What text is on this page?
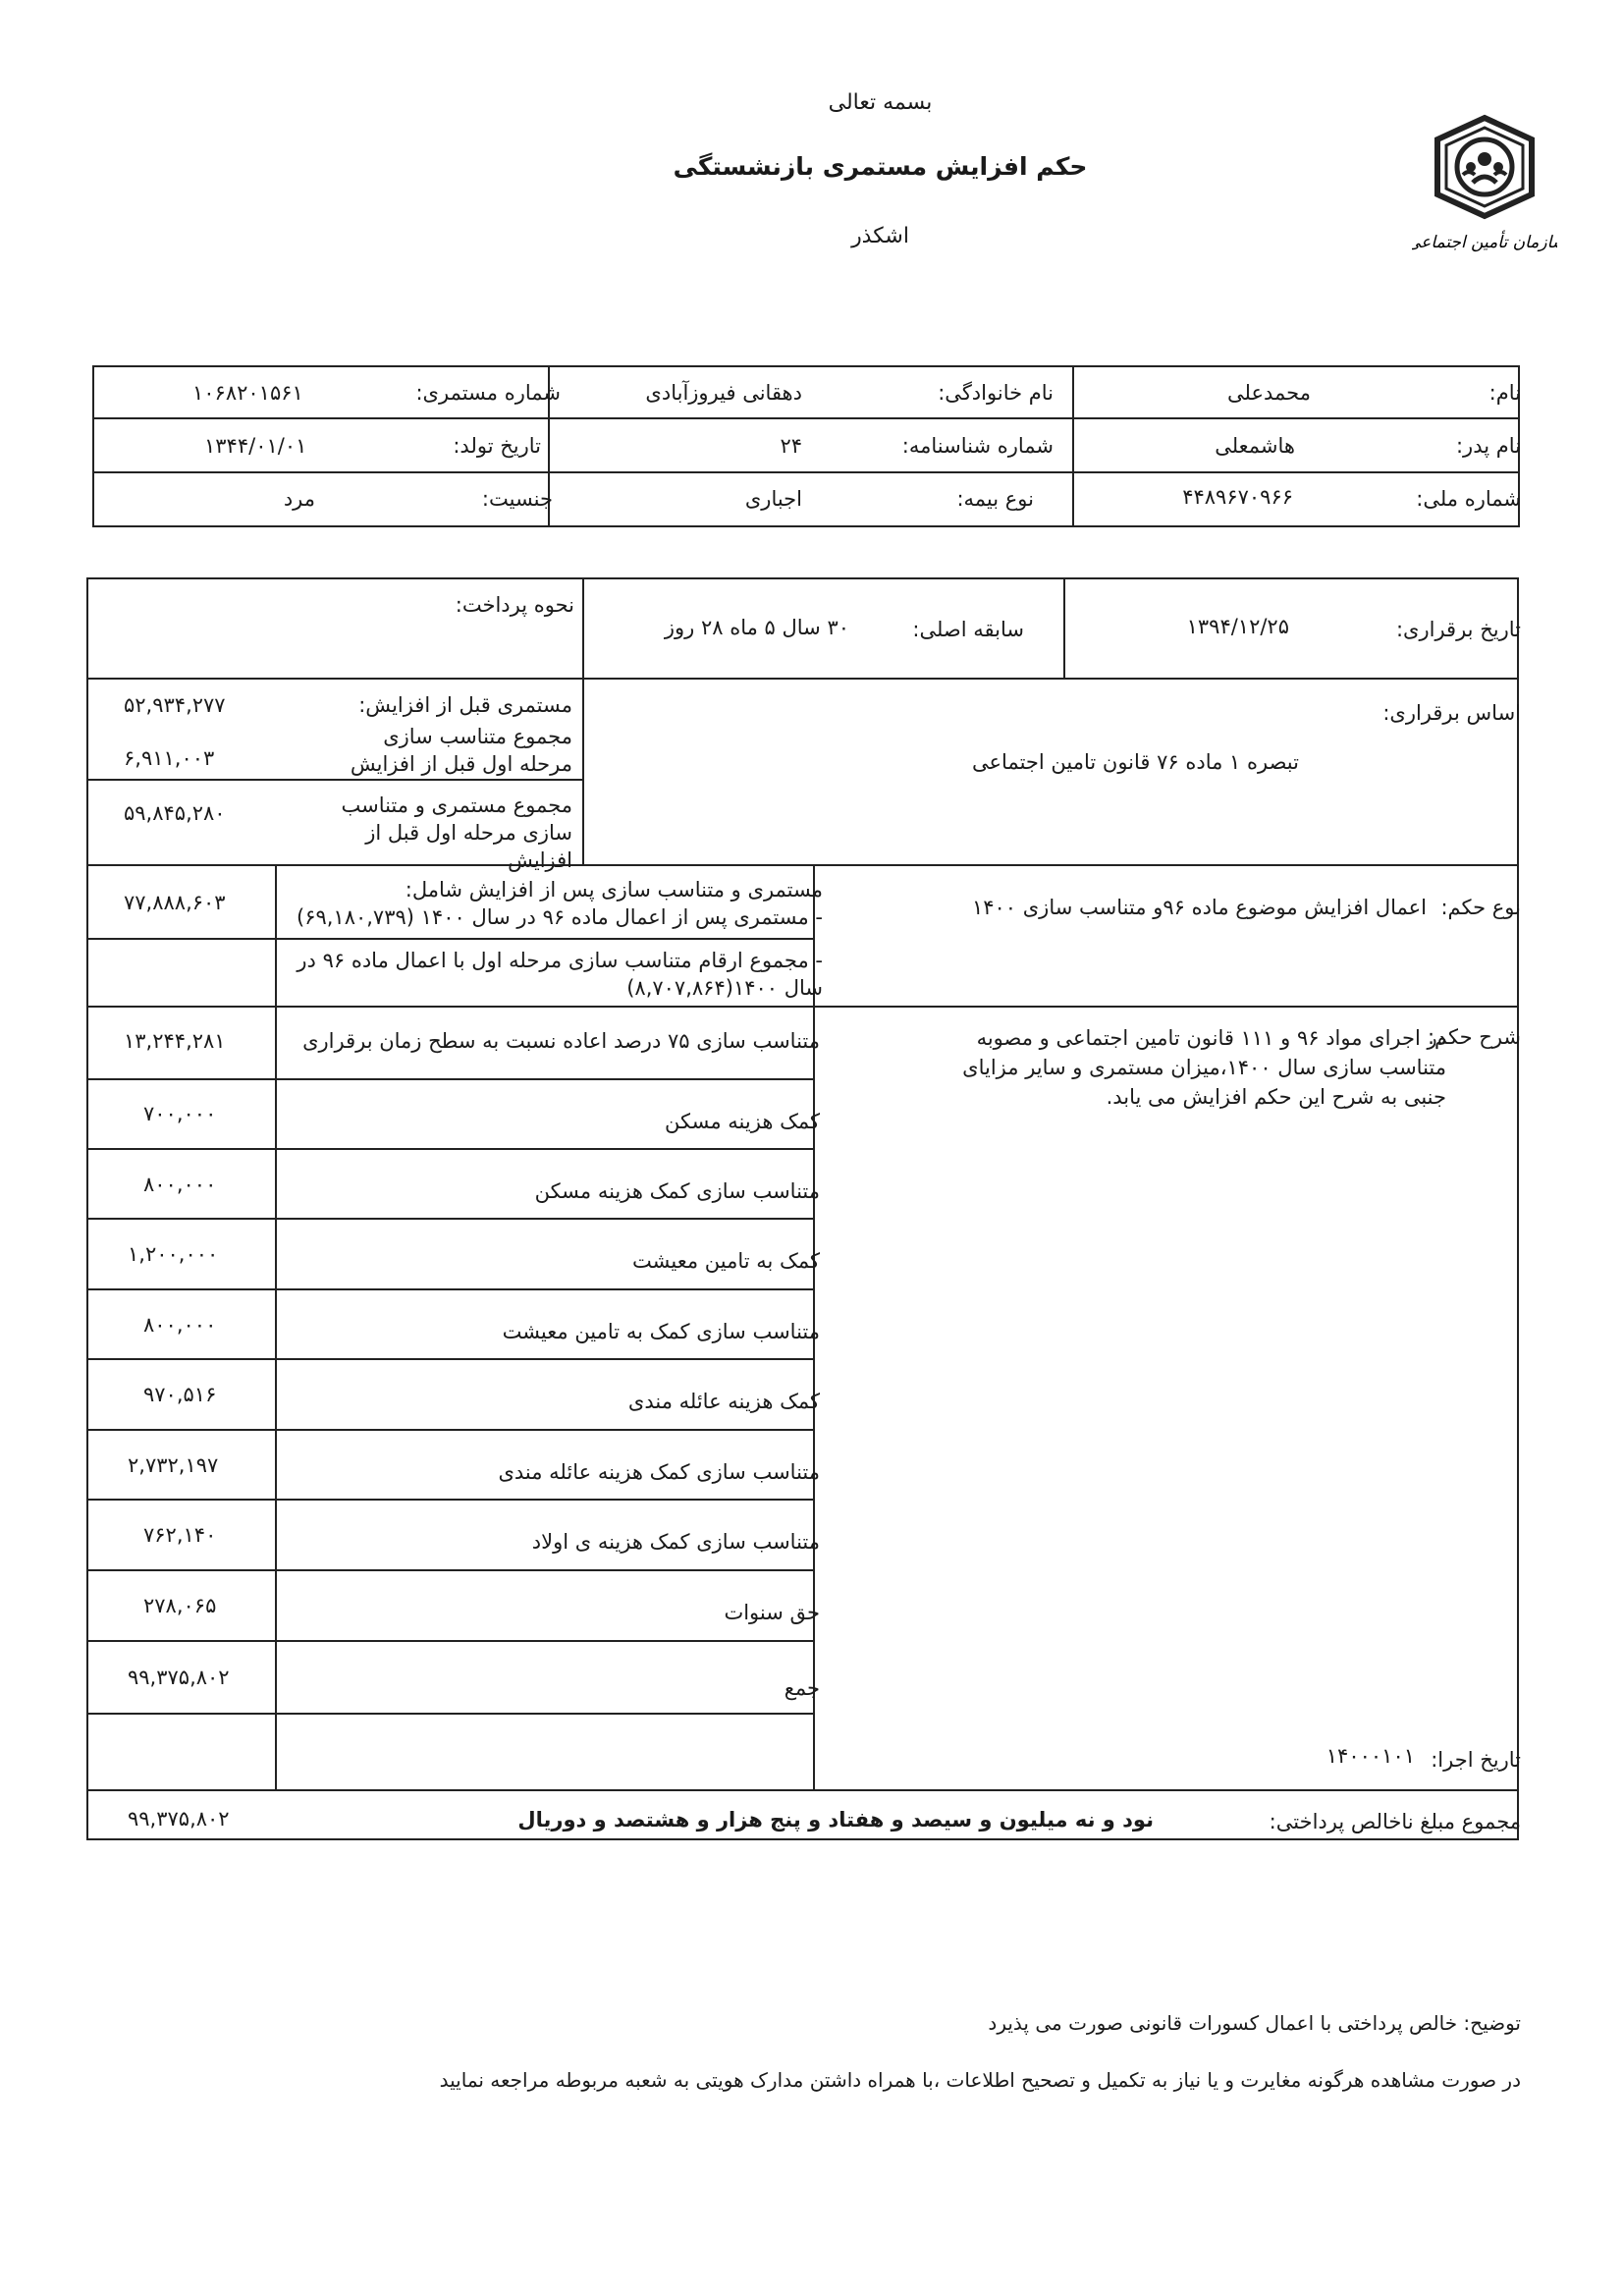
بسمه تعالی
حکم افزایش مستمری بازنشستگی
اشکذر	سازمان تأمین اجتماعی
نام:
محمدعلی
نام خانوادگی:
دهقانی فیروزآبادی
شماره مستمری:
۱۰۶۸۲۰۱۵۶۱
نام پدر:
هاشمعلی
شماره شناسنامه:
۲۴
تاریخ تولد:
۱۳۴۴/۰۱/۰۱
شماره ملی:
۴۴۸۹۶۷۰۹۶۶
نوع بیمه:
اجباری
جنسیت:
مرد
تاریخ برقراری:
۱۳۹۴/۱۲/۲۵
سابقه اصلی:
۳۰ سال ۵ ماه ۲۸ روز
نحوه پرداخت:
اساس برقراری:
تبصره ۱ ماده ۷۶ قانون تامین اجتماعی
مستمری قبل از افزایش:
۵۲,۹۳۴,۲۷۷
مجموع متناسب سازی مرحله اول قبل از افزایش
۶,۹۱۱,۰۰۳
مجموع مستمری و متناسب سازی مرحله اول قبل از افزایش
۵۹,۸۴۵,۲۸۰
نوع حکم:
اعمال افزایش موضوع ماده ۹۶و متناسب سازی ۱۴۰۰
مستمری و متناسب سازی پس از افزایش شامل:
- مستمری پس از اعمال ماده ۹۶ در سال ۱۴۰۰ (۶۹,۱۸۰,۷۳۹)
۷۷,۸۸۸,۶۰۳
- مجموع ارقام متناسب سازی مرحله اول با اعمال ماده ۹۶ در سال ۱۴۰۰(۸,۷۰۷,۸۶۴)
شرح حکم:
در اجرای مواد ۹۶ و ۱۱۱ قانون تامین اجتماعی و مصوبه متناسب سازی سال ۱۴۰۰،میزان مستمری و سایر مزایای جنبی به شرح این حکم افزایش می یابد.
متناسب سازی ۷۵ درصد اعاده نسبت به سطح زمان برقراری
۱۳,۲۴۴,۲۸۱
کمک هزینه مسکن
۷۰۰,۰۰۰
متناسب سازی کمک هزینه مسکن
۸۰۰,۰۰۰
کمک به تامین معیشت
۱,۲۰۰,۰۰۰
متناسب سازی کمک به تامین معیشت
۸۰۰,۰۰۰
کمک هزینه عائله مندی
۹۷۰,۵۱۶
متناسب سازی کمک هزینه عائله مندی
۲,۷۳۲,۱۹۷
متناسب سازی کمک هزینه ی اولاد
۷۶۲,۱۴۰
حق سنوات
۲۷۸,۰۶۵
جمع
۹۹,۳۷۵,۸۰۲
تاریخ اجرا:
۱۴۰۰۰۱۰۱
مجموع مبلغ ناخالص پرداختی:
نود و نه میلیون و سیصد و هفتاد و پنج هزار و هشتصد و دوریال
۹۹,۳۷۵,۸۰۲
توضیح: خالص پرداختی با اعمال کسورات قانونی صورت می پذیرد
در صورت مشاهده هرگونه مغایرت و یا نیاز به تکمیل و تصحیح اطلاعات ،با همراه داشتن مدارک هویتی به شعبه مربوطه مراجعه نمایید
